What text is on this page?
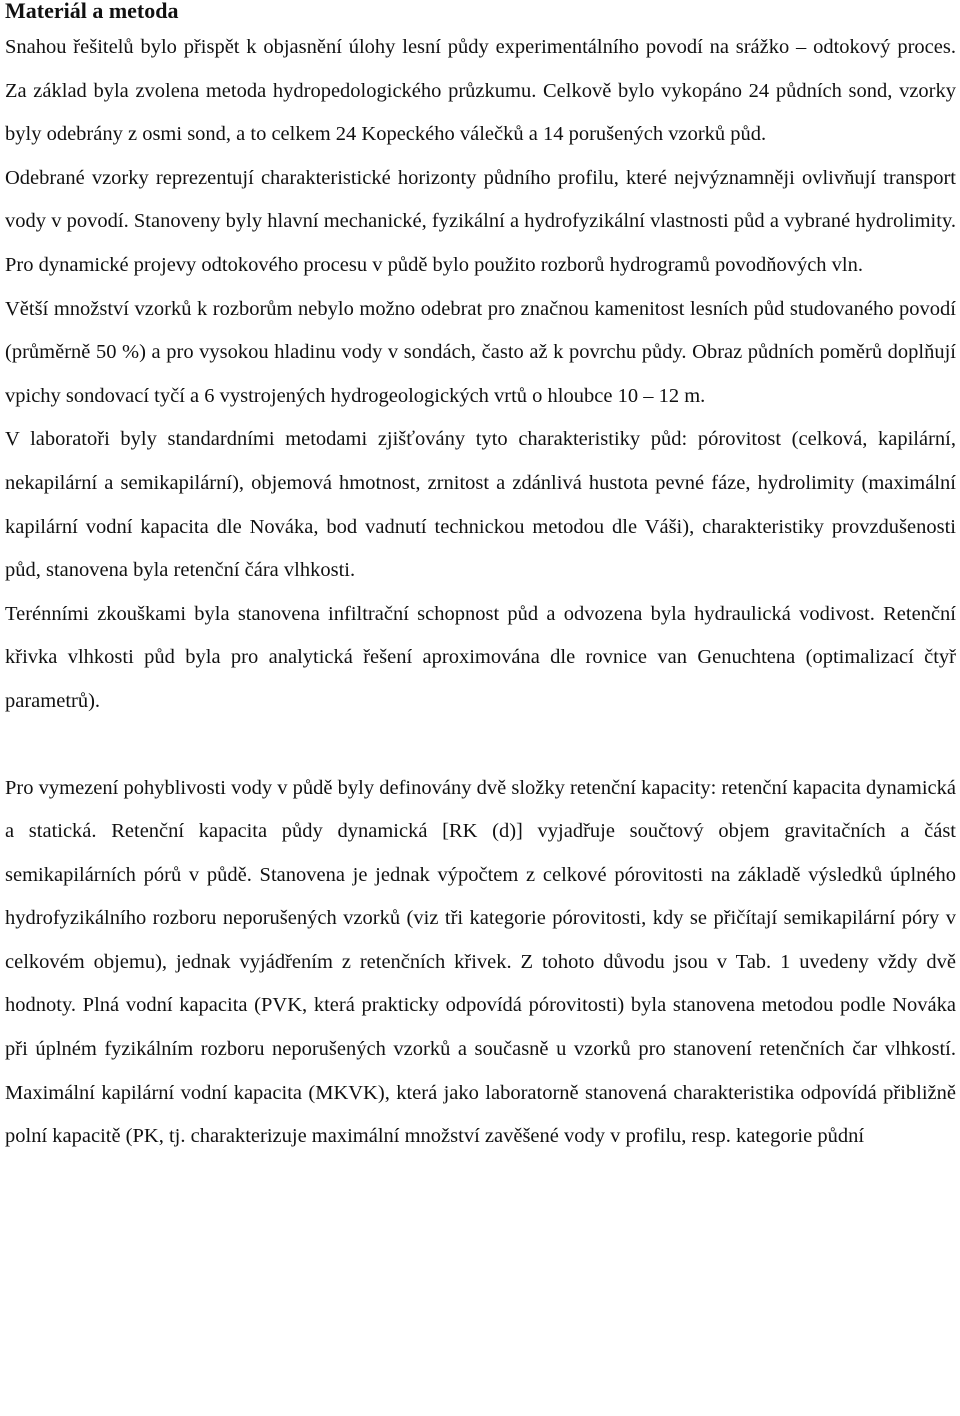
Materiál a metoda

Snahou řešitelů bylo přispět k objasnění úlohy lesní půdy experimentálního povodí na srážko – odtokový proces. Za základ byla zvolena metoda hydropedologického průzkumu. Celkově bylo vykopáno 24 půdních sond, vzorky byly odebrány z osmi sond, a to celkem 24 Kopeckého válečků a 14 porušených vzorků půd.

Odebrané vzorky reprezentují charakteristické horizonty půdního profilu, které nejvýznamněji ovlivňují transport vody v povodí. Stanoveny byly hlavní mechanické, fyzikální a hydrofyzikální vlastnosti půd a vybrané hydrolimity. Pro dynamické projevy odtokového procesu v půdě bylo použito rozborů hydrogramů povodňových vln.

Větší množství vzorků k rozborům nebylo možno odebrat pro značnou kamenitost lesních půd studovaného povodí (průměrně 50 %) a pro vysokou hladinu vody v sondách, často až k povrchu půdy. Obraz půdních poměrů doplňují vpichy sondovací tyčí a 6 vystrojených hydrogeologických vrtů o hloubce 10 – 12 m.

V laboratoři byly standardními metodami zjišťovány tyto charakteristiky půd: pórovitost (celková, kapilární, nekapilární a semikapilární), objemová hmotnost, zrnitost a zdánlivá hustota pevné fáze, hydrolimity (maximální kapilární vodní kapacita dle Nováka, bod vadnutí technickou metodou dle Váši), charakteristiky provzdušenosti půd, stanovena byla retenční čára vlhkosti.

Terénními zkouškami byla stanovena infiltrační schopnost půd a odvozena byla hydraulická vodivost. Retenční křivka vlhkosti půd byla pro analytická řešení aproximována dle rovnice van Genuchtena (optimalizací čtyř parametrů).

Pro vymezení pohyblivosti vody v půdě byly definovány dvě složky retenční kapacity: retenční kapacita dynamická a statická. Retenční kapacita půdy dynamická [RK (d)] vyjadřuje součtový objem gravitačních a část semikapilárních pórů v půdě. Stanovena je jednak výpočtem z celkové pórovitosti na základě výsledků úplného hydrofyzikálního rozboru neporušených vzorků (viz tři kategorie pórovitosti, kdy se přičítají semikapilární póry v celkovém objemu), jednak vyjádřením z retenčních křivek. Z tohoto důvodu jsou v Tab. 1 uvedeny vždy dvě hodnoty. Plná vodní kapacita (PVK, která prakticky odpovídá pórovitosti) byla stanovena metodou podle Nováka při úplném fyzikálním rozboru neporušených vzorků a současně u vzorků pro stanovení retenčních čar vlhkostí. Maximální kapilární vodní kapacita (MKVK), která jako laboratorně stanovená charakteristika odpovídá přibližně polní kapacitě (PK, tj. charakterizuje maximální množství zavěšené vody v profilu, resp. kategorie půdní
